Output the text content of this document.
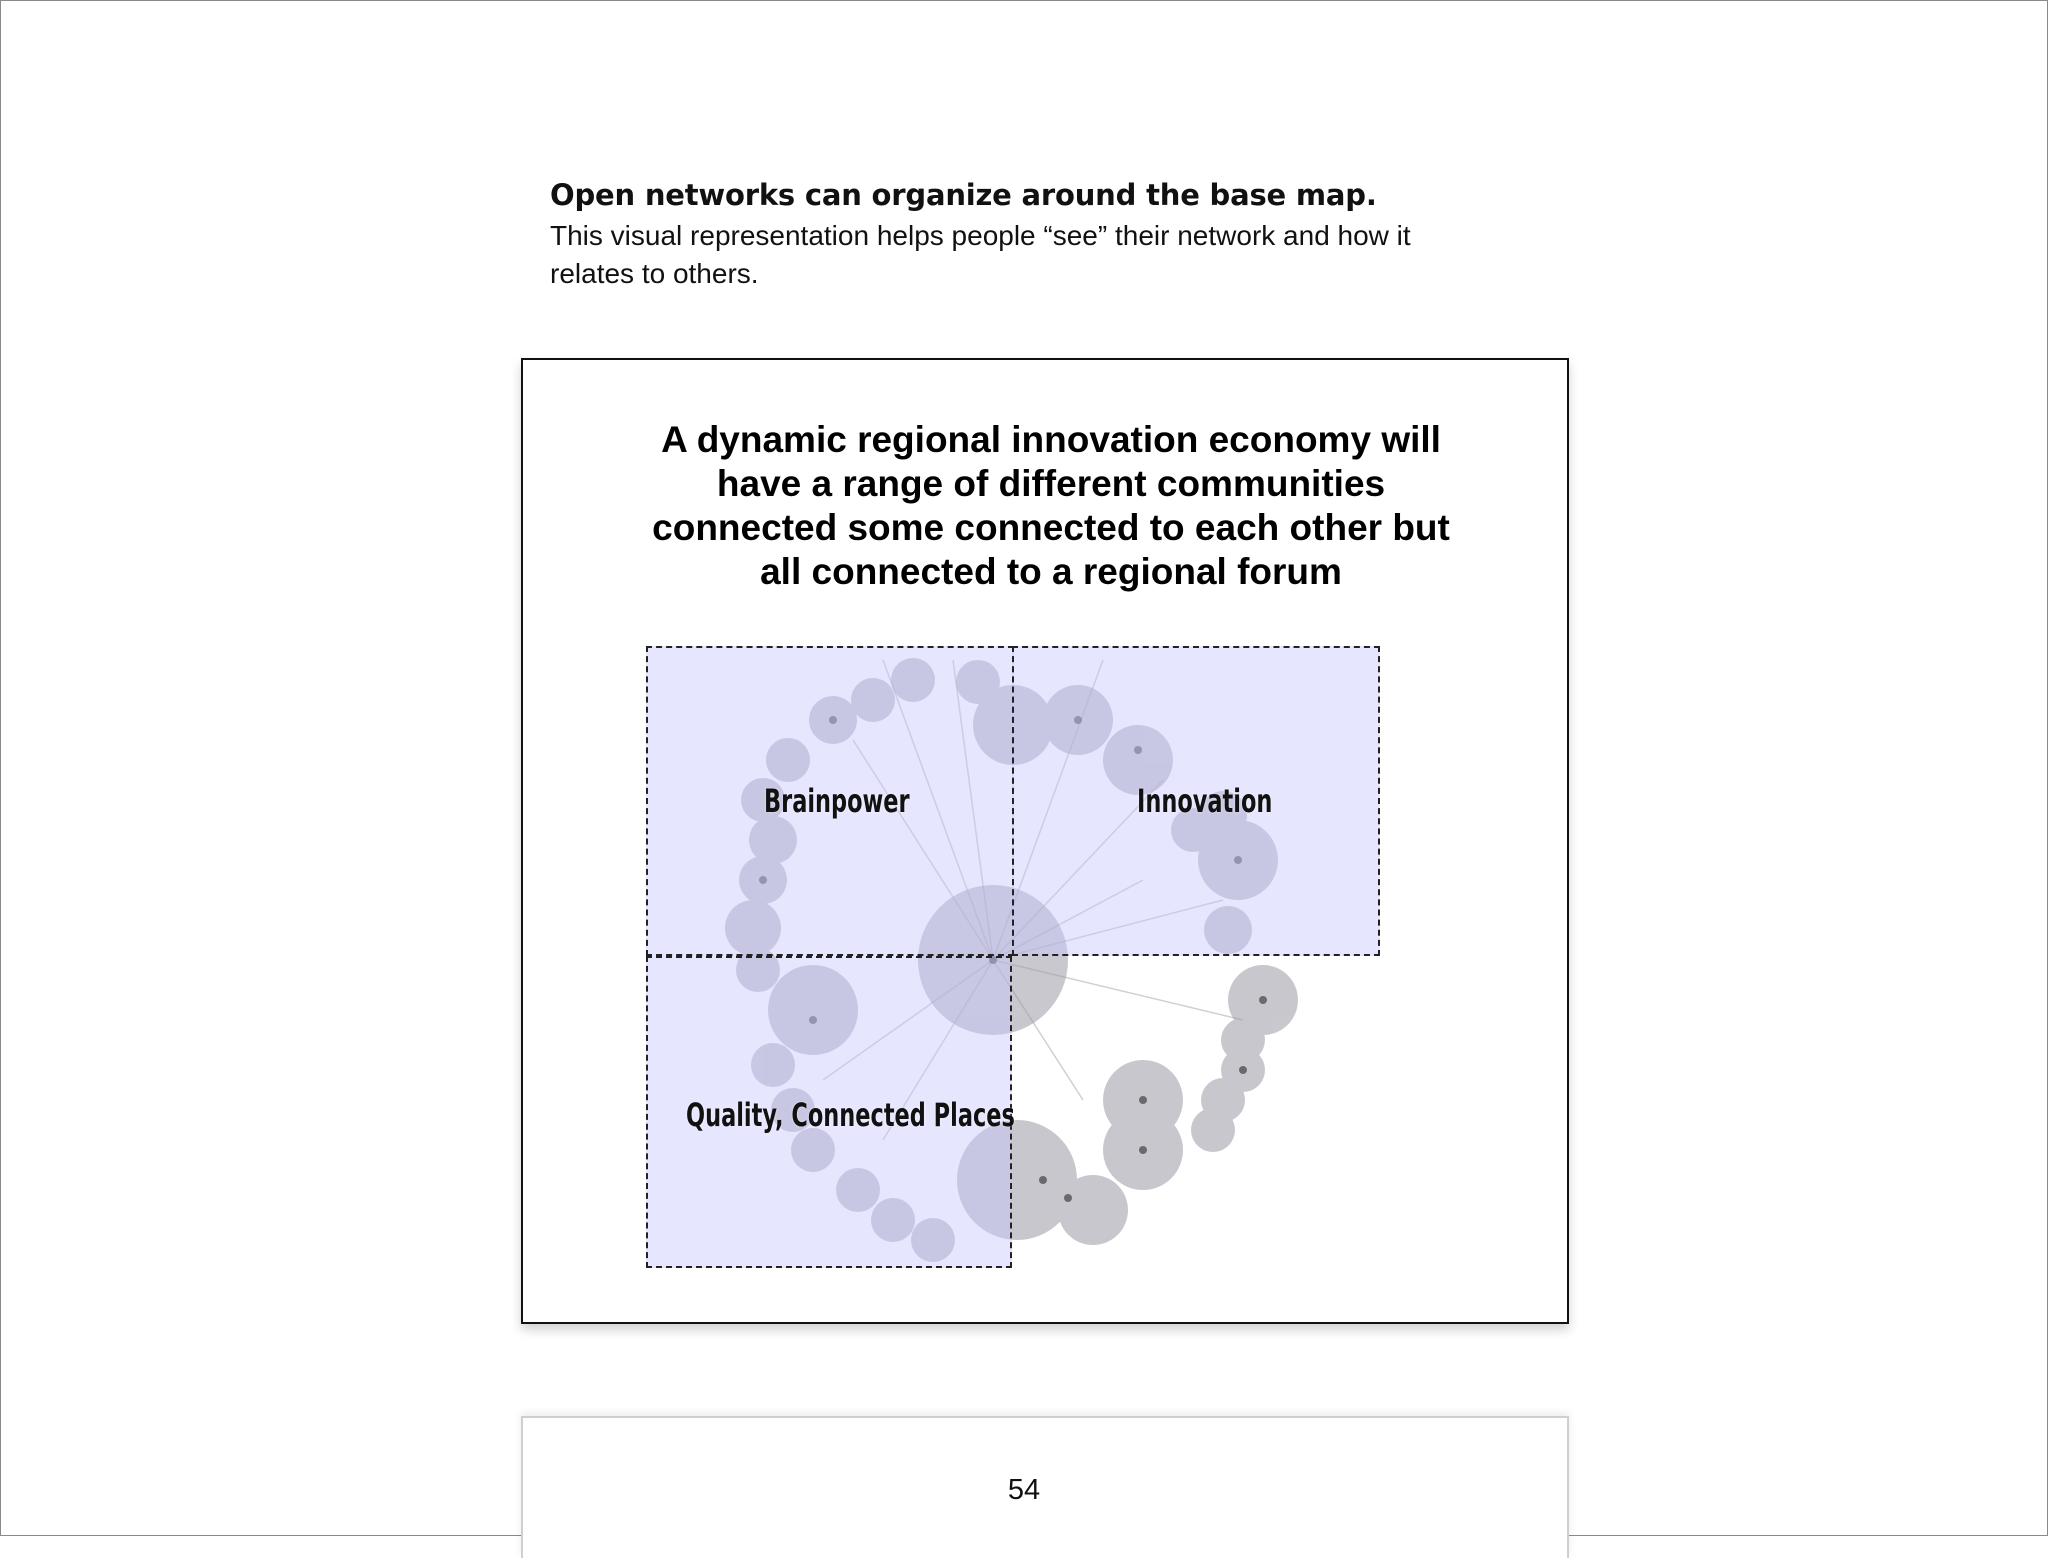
Open networks can organize around the base map.

This visual representation helps people “see” their network and how it

relates to others.

A dynamic regional innovation economy will
have a range of different communities
connected some connected to each other but
all connected to a regional forum
Brainpower	Innovation
Quality, Connected Places
54
